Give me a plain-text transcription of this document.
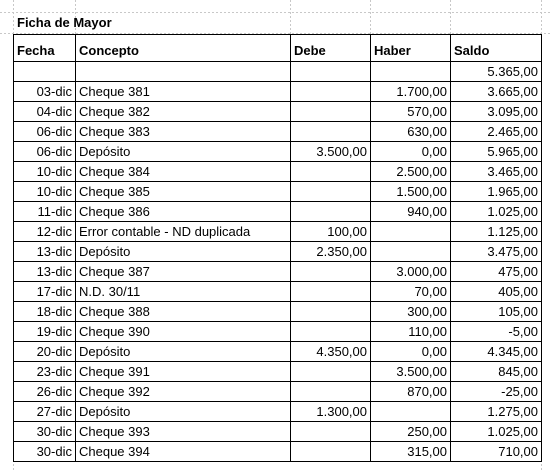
Ficha de Mayor
Fecha	Concepto	Debe	Haber	Saldo
				5.365,00
03-dic	Cheque 381		1.700,00	3.665,00
04-dic	Cheque 382		570,00	3.095,00
06-dic	Cheque 383		630,00	2.465,00
06-dic	Depósito	3.500,00	0,00	5.965,00
10-dic	Cheque 384		2.500,00	3.465,00
10-dic	Cheque 385		1.500,00	1.965,00
11-dic	Cheque 386		940,00	1.025,00
12-dic	Error contable - ND duplicada	100,00		1.125,00
13-dic	Depósito	2.350,00		3.475,00
13-dic	Cheque 387		3.000,00	475,00
17-dic	N.D. 30/11		70,00	405,00
18-dic	Cheque 388		300,00	105,00
19-dic	Cheque 390		110,00	-5,00
20-dic	Depósito	4.350,00	0,00	4.345,00
23-dic	Cheque 391		3.500,00	845,00
26-dic	Cheque 392		870,00	-25,00
27-dic	Depósito	1.300,00		1.275,00
30-dic	Cheque 393		250,00	1.025,00
30-dic	Cheque 394		315,00	710,00
